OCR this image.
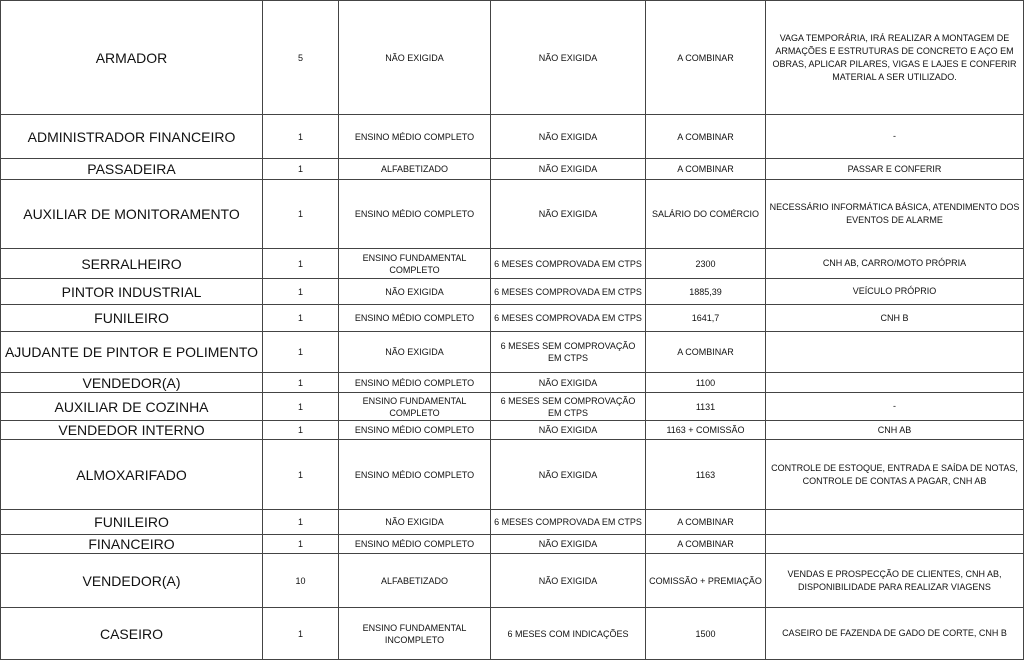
ARMADOR	5	NÃO EXIGIDA	NÃO EXIGIDA	A COMBINAR	VAGA TEMPORÁRIA, IRÁ REALIZAR A MONTAGEM DE ARMAÇÕES E ESTRUTURAS DE CONCRETO E AÇO EM OBRAS, APLICAR PILARES, VIGAS E LAJES E CONFERIR MATERIAL A SER UTILIZADO.
ADMINISTRADOR FINANCEIRO	1	ENSINO MÉDIO COMPLETO	NÃO EXIGIDA	A COMBINAR	-
PASSADEIRA	1	ALFABETIZADO	NÃO EXIGIDA	A COMBINAR	PASSAR E CONFERIR
AUXILIAR DE MONITORAMENTO	1	ENSINO MÉDIO COMPLETO	NÃO EXIGIDA	SALÁRIO DO COMÉRCIO	NECESSÁRIO INFORMÁTICA BÁSICA, ATENDIMENTO DOS EVENTOS DE ALARME
SERRALHEIRO	1	ENSINO FUNDAMENTAL COMPLETO	6 MESES COMPROVADA EM CTPS	2300	CNH AB, CARRO/MOTO PRÓPRIA
PINTOR INDUSTRIAL	1	NÃO EXIGIDA	6 MESES COMPROVADA EM CTPS	1885,39	VEÍCULO PRÓPRIO
FUNILEIRO	1	ENSINO MÉDIO COMPLETO	6 MESES COMPROVADA EM CTPS	1641,7	CNH B
AJUDANTE DE PINTOR E POLIMENTO	1	NÃO EXIGIDA	6 MESES SEM COMPROVAÇÃO EM CTPS	A COMBINAR	
VENDEDOR(A)	1	ENSINO MÉDIO COMPLETO	NÃO EXIGIDA	1100	
AUXILIAR DE COZINHA	1	ENSINO FUNDAMENTAL COMPLETO	6 MESES SEM COMPROVAÇÃO EM CTPS	1131	-
VENDEDOR INTERNO	1	ENSINO MÉDIO COMPLETO	NÃO EXIGIDA	1163 + COMISSÃO	CNH AB
ALMOXARIFADO	1	ENSINO MÉDIO COMPLETO	NÃO EXIGIDA	1163	CONTROLE DE ESTOQUE, ENTRADA E SAÍDA DE NOTAS, CONTROLE DE CONTAS A PAGAR, CNH AB
FUNILEIRO	1	NÃO EXIGIDA	6 MESES COMPROVADA EM CTPS	A COMBINAR	
FINANCEIRO	1	ENSINO MÉDIO COMPLETO	NÃO EXIGIDA	A COMBINAR	
VENDEDOR(A)	10	ALFABETIZADO	NÃO EXIGIDA	COMISSÃO + PREMIAÇÃO	VENDAS E PROSPECÇÃO DE CLIENTES, CNH AB, DISPONIBILIDADE PARA REALIZAR VIAGENS
CASEIRO	1	ENSINO FUNDAMENTAL INCOMPLETO	6 MESES COM INDICAÇÕES	1500	CASEIRO DE FAZENDA DE GADO DE CORTE, CNH B
